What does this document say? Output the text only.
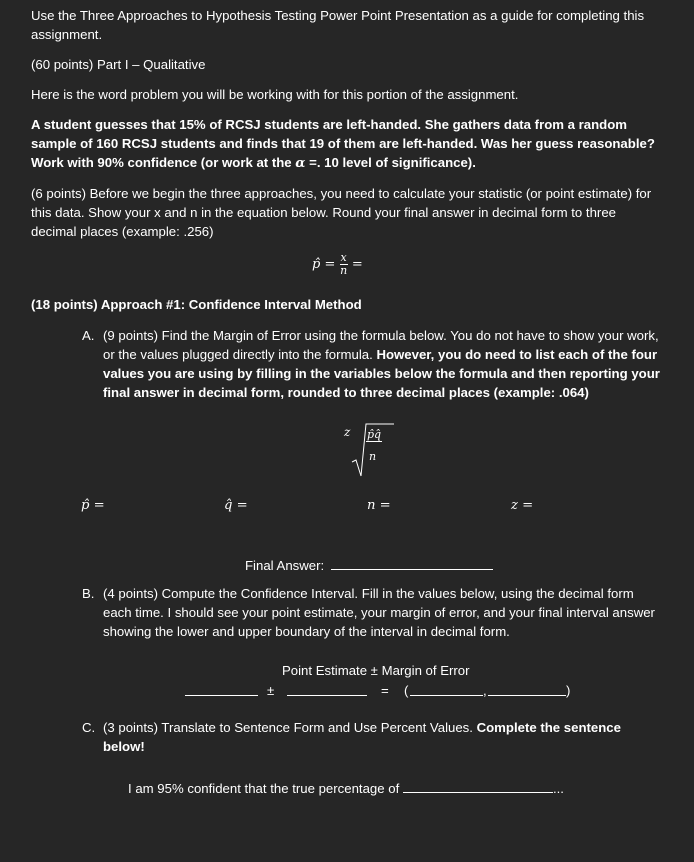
Use the Three Approaches to Hypothesis Testing Power Point Presentation as a guide for completing this assignment.

(60 points) Part I – Qualitative

Here is the word problem you will be working with for this portion of the assignment.

A student guesses that 15% of RCSJ students are left-handed. She gathers data from a random sample of 160 RCSJ students and finds that 19 of them are left-handed. Was her guess reasonable? Work with 90% confidence (or work at the α =. 10 level of significance).

(6 points) Before we begin the three approaches, you need to calculate your statistic (or point estimate) for this data. Show your x and n in the equation below. Round your final answer in decimal form to three decimal places (example: .256)

p̂ = $\frac{x}{n}$ =

(18 points) Approach #1: Confidence Interval Method

A. (9 points) Find the Margin of Error using the formula below. You do not have to show your work, or the values plugged directly into the formula. However, you do need to list each of the four values you are using by filling in the variables below the formula and then reporting your final answer in decimal form, rounded to three decimal places (example: .064)

z p̂q̂
n
p̂ =	q̂ =	n =	z =
Final Answer:
B. (4 points) Compute the Confidence Interval. Fill in the values below, using the decimal form each time. I should see your point estimate, your margin of error, and your final interval answer showing the lower and upper boundary of the interval in decimal form.

Point Estimate ± Margin of Error

±	= (	,	)
C. (3 points) Translate to Sentence Form and Use Percent Values. Complete the sentence below!

I am 95% confident that the true percentage of	...
